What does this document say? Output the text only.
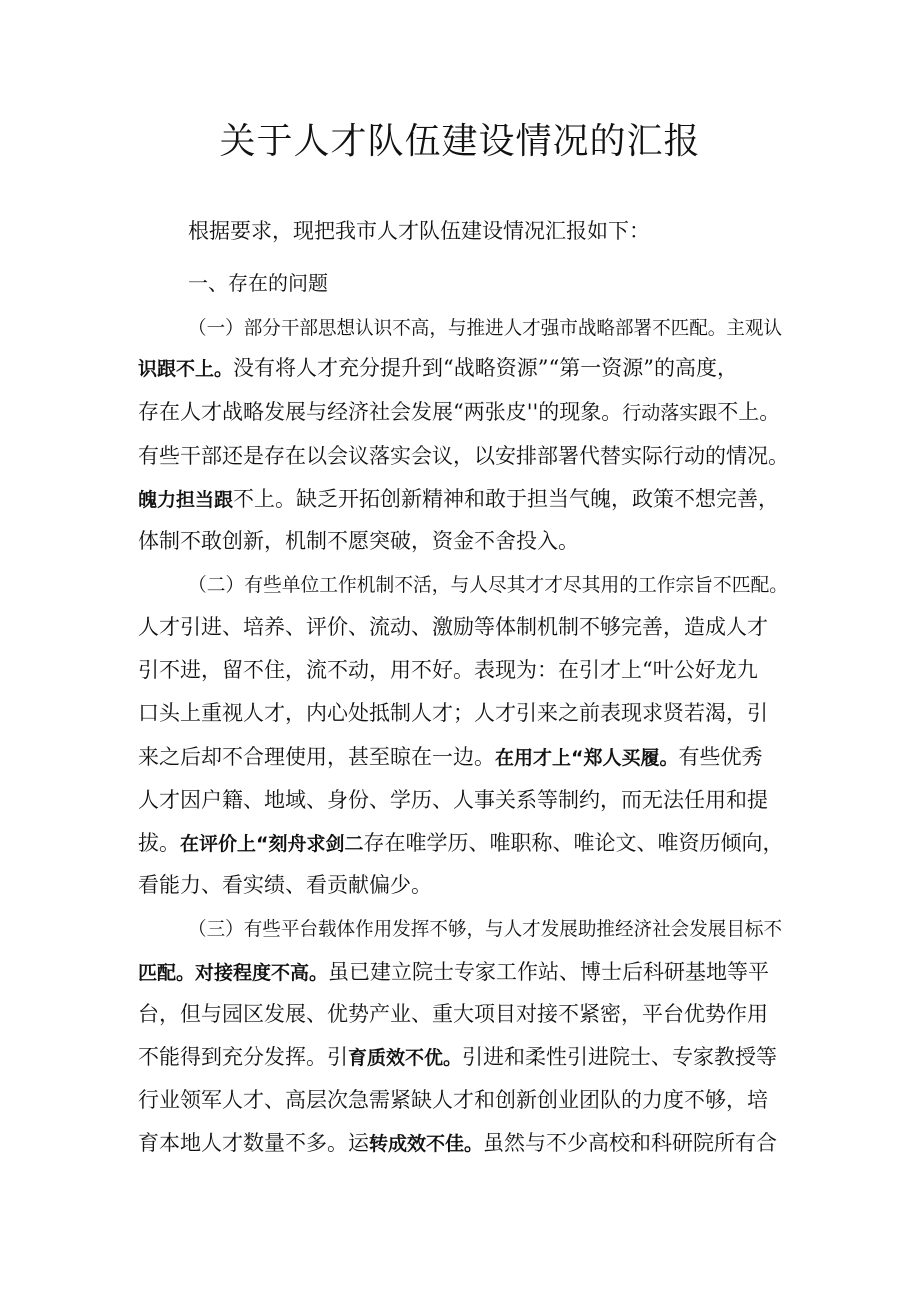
关于人才队伍建设情况的汇报
根据要求，现把我市人才队伍建设情况汇报如下：
一、存在的问题
（一）部分干部思想认识不高，与推进人才强市战略部署不匹配。主观认
识跟不上。没有将人才充分提升到“战略资源”“第一资源”的高度，
存在人才战略发展与经济社会发展“两张皮''的现象。行动落实跟不上。
有些干部还是存在以会议落实会议，以安排部署代替实际行动的情况。
魄力担当跟不上。缺乏开拓创新精神和敢于担当气魄，政策不想完善，
体制不敢创新，机制不愿突破，资金不舍投入。
（二）有些单位工作机制不活，与人尽其才才尽其用的工作宗旨不匹配。
人才引进、培养、评价、流动、激励等体制机制不够完善，造成人才
引不进，留不住，流不动，用不好。表现为：在引才上“叶公好龙九
口头上重视人才，内心处抵制人才；人才引来之前表现求贤若渴，引
来之后却不合理使用，甚至晾在一边。在用才上“郑人买履。有些优秀
人才因户籍、地域、身份、学历、人事关系等制约，而无法任用和提
拔。在评价上“刻舟求剑二存在唯学历、唯职称、唯论文、唯资历倾向，
看能力、看实绩、看贡献偏少。
（三）有些平台载体作用发挥不够，与人才发展助推经济社会发展目标不
匹配。对接程度不高。虽已建立院士专家工作站、博士后科研基地等平
台，但与园区发展、优势产业、重大项目对接不紧密，平台优势作用
不能得到充分发挥。引育质效不优。引进和柔性引进院士、专家教授等
行业领军人才、高层次急需紧缺人才和创新创业团队的力度不够，培
育本地人才数量不多。运转成效不佳。虽然与不少高校和科研院所有合
